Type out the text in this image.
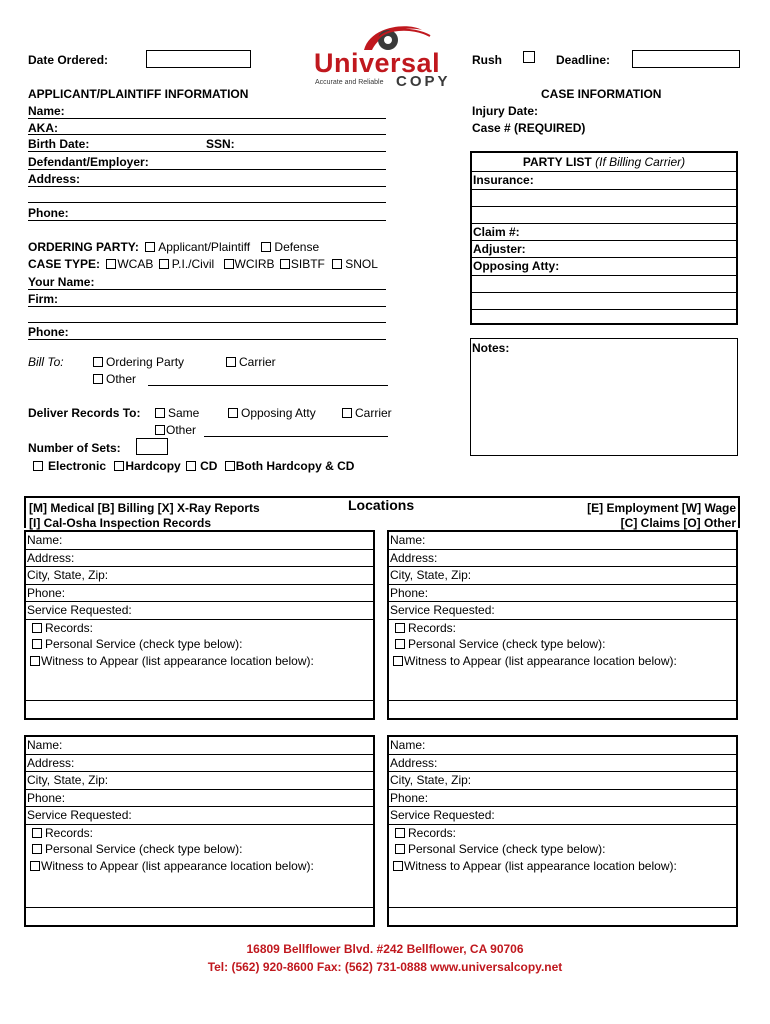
Date Ordered:	Universal
Accurate and Reliable COPY
Rush	Deadline:
APPLICANT/PLAINTIFF INFORMATION
Name:
AKA:
Birth Date:	SSN:
Defendant/Employer:
Address:
Phone:
CASE INFORMATION
Injury Date:
Case # (REQUIRED)
PARTY LIST (If Billing Carrier)
Insurance:
Claim #:
Adjuster:
Opposing Atty:
ORDERING PARTY: Applicant/Plaintiff Defense
CASE TYPE: WCAB P.I./Civil WCIRB SIBTF SNOL
Your Name:
Firm:
Phone:
Notes:
Bill To:	Ordering Party	Carrier
Other
Deliver Records To:	Same	Opposing Atty	Carrier
Other
Number of Sets:
Electronic Hardcopy CD Both Hardcopy & CD
[M] Medical [B] Billing [X] X-Ray Reports
[I] Cal-Osha Inspection Records
Locations	[E] Employment [W] Wage
[C] Claims [O] Other
Name:
Address:
City, State, Zip:
Phone:
Service Requested:
Records:
Personal Service (check type below):
Witness to Appear (list appearance location below):
Name:
Address:
City, State, Zip:
Phone:
Service Requested:
Records:
Personal Service (check type below):
Witness to Appear (list appearance location below):
Name:
Address:
City, State, Zip:
Phone:
Service Requested:
Records:
Personal Service (check type below):
Witness to Appear (list appearance location below):
Name:
Address:
City, State, Zip:
Phone:
Service Requested:
Records:
Personal Service (check type below):
Witness to Appear (list appearance location below):
16809 Bellflower Blvd. #242 Bellflower, CA 90706
Tel: (562) 920-8600 Fax: (562) 731-0888 www.universalcopy.net
